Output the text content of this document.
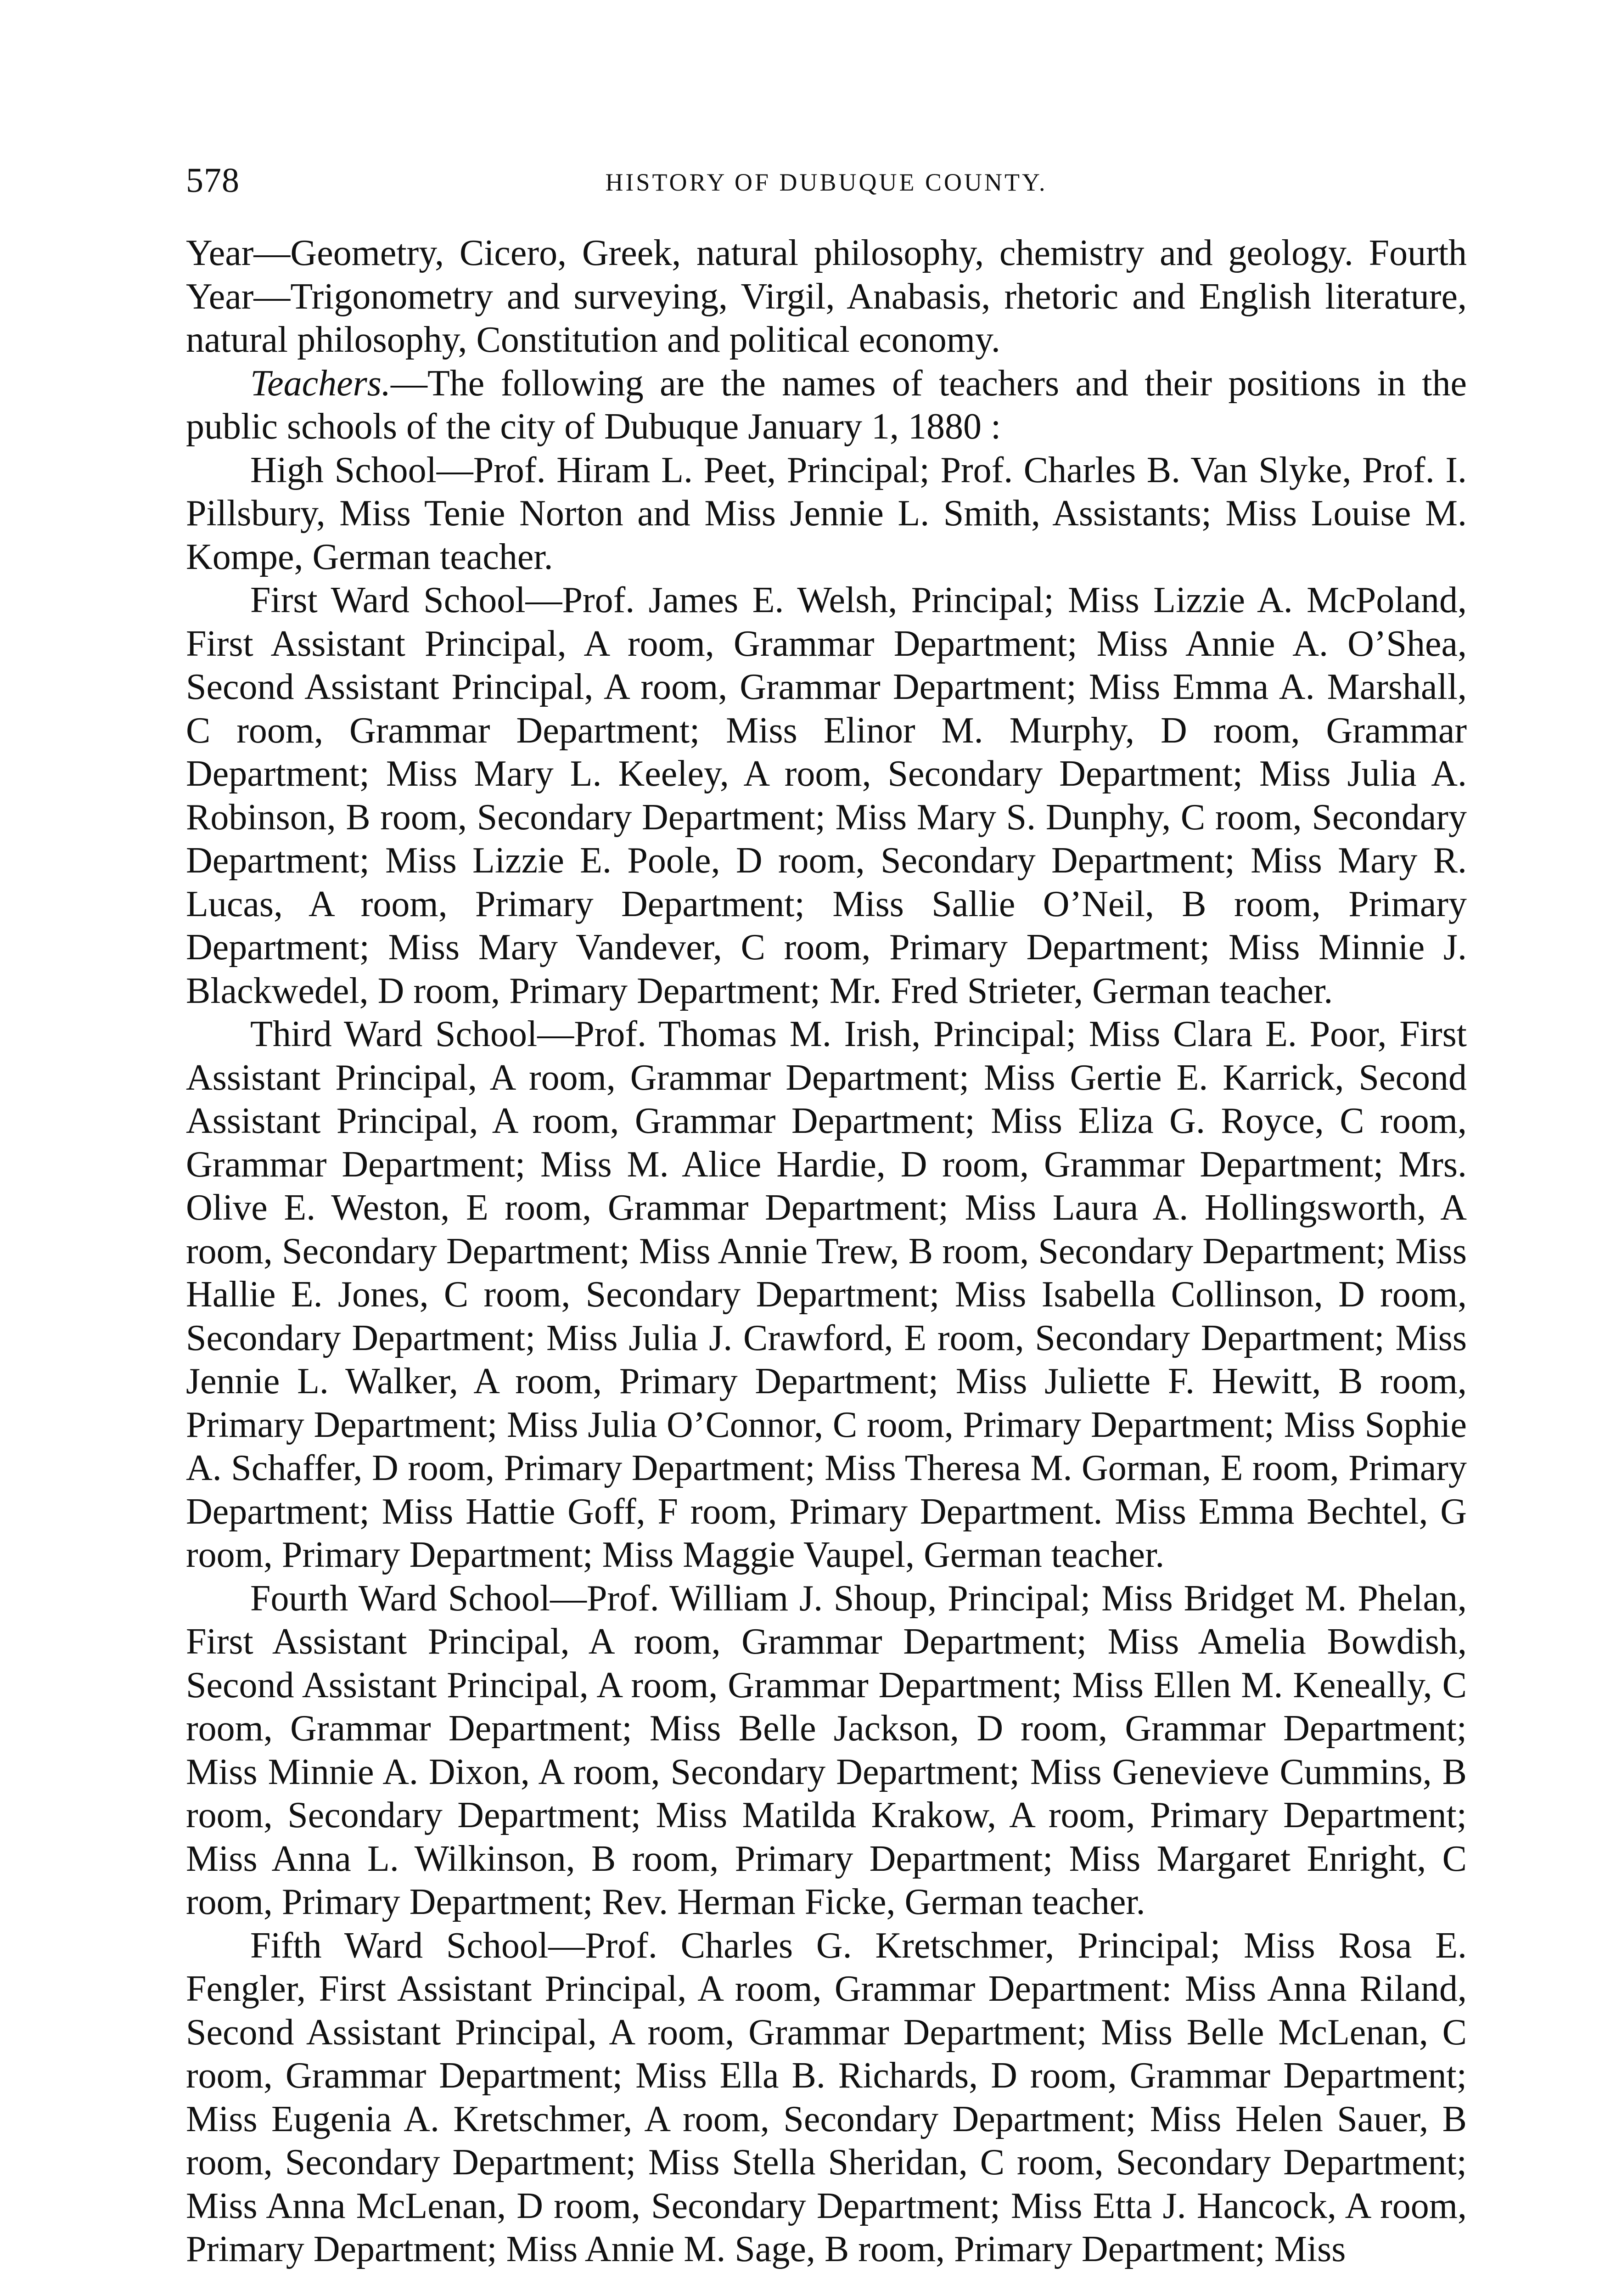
578	HISTORY OF DUBUQUE COUNTY.

Year—Geometry, Cicero, Greek, natural philosophy, chemistry and geology. Fourth Year—Trigonometry and surveying, Virgil, Anabasis, rhetoric and English literature, natural philosophy, Constitution and political economy.

Teachers.—The following are the names of teachers and their positions in the public schools of the city of Dubuque January 1, 1880 :

High School—Prof. Hiram L. Peet, Principal; Prof. Charles B. Van Slyke, Prof. I. Pillsbury, Miss Tenie Norton and Miss Jennie L. Smith, Assistants; Miss Louise M. Kompe, German teacher.

First Ward School—Prof. James E. Welsh, Principal; Miss Lizzie A. McPoland, First Assistant Principal, A room, Grammar Department; Miss Annie A. O’Shea, Second Assistant Principal, A room, Grammar Department; Miss Emma A. Marshall, C room, Grammar Department; Miss Elinor M. Murphy, D room, Grammar Department; Miss Mary L. Keeley, A room, Secondary Department; Miss Julia A. Robinson, B room, Secondary Department; Miss Mary S. Dunphy, C room, Secondary Department; Miss Lizzie E. Poole, D room, Secondary Department; Miss Mary R. Lucas, A room, Primary Department; Miss Sallie O’Neil, B room, Primary Department; Miss Mary Vandever, C room, Primary Department; Miss Minnie J. Blackwedel, D room, Primary Department; Mr. Fred Strieter, German teacher.

Third Ward School—Prof. Thomas M. Irish, Principal; Miss Clara E. Poor, First Assistant Principal, A room, Grammar Department; Miss Gertie E. Karrick, Second Assistant Principal, A room, Grammar Department; Miss Eliza G. Royce, C room, Grammar Department; Miss M. Alice Hardie, D room, Grammar Department; Mrs. Olive E. Weston, E room, Grammar Department; Miss Laura A. Hollingsworth, A room, Secondary Department; Miss Annie Trew, B room, Secondary Department; Miss Hallie E. Jones, C room, Secondary Department; Miss Isabella Collinson, D room, Secondary Department; Miss Julia J. Crawford, E room, Secondary Department; Miss Jennie L. Walker, A room, Primary Department; Miss Juliette F. Hewitt, B room, Primary Department; Miss Julia O’Connor, C room, Primary Department; Miss Sophie A. Schaffer, D room, Primary Department; Miss Theresa M. Gorman, E room, Primary Department; Miss Hattie Goff, F room, Primary Department. Miss Emma Bechtel, G room, Primary Department; Miss Maggie Vaupel, German teacher.

Fourth Ward School—Prof. William J. Shoup, Principal; Miss Bridget M. Phelan, First Assistant Principal, A room, Grammar Department; Miss Amelia Bowdish, Second Assistant Principal, A room, Grammar Department; Miss Ellen M. Keneally, C room, Grammar Department; Miss Belle Jackson, D room, Grammar Department; Miss Minnie A. Dixon, A room, Secondary Department; Miss Genevieve Cummins, B room, Secondary Department; Miss Matilda Krakow, A room, Primary Department; Miss Anna L. Wilkinson, B room, Primary Department; Miss Margaret Enright, C room, Primary Department; Rev. Herman Ficke, German teacher.

Fifth Ward School—Prof. Charles G. Kretschmer, Principal; Miss Rosa E. Fengler, First Assistant Principal, A room, Grammar Department: Miss Anna Riland, Second Assistant Principal, A room, Grammar Department; Miss Belle McLenan, C room, Grammar Department; Miss Ella B. Richards, D room, Grammar Department; Miss Eugenia A. Kretschmer, A room, Secondary Department; Miss Helen Sauer, B room, Secondary Department; Miss Stella Sheridan, C room, Secondary Department; Miss Anna McLenan, D room, Secondary Department; Miss Etta J. Hancock, A room, Primary Department; Miss Annie M. Sage, B room, Primary Department; Miss
